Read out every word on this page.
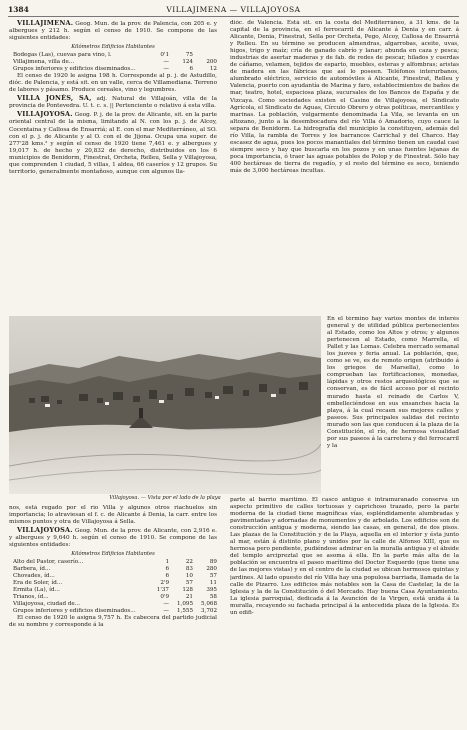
1384	VILLAJIMENA — VILLAJOYOSA

VILLAJIMENA. Geog. Mun. de la prov. de Palencia, con 205 e. y albergues y 212 h. según el censo de 1910. Se compone de las siguientes entidades:

Kilómetros Edificios Habitantes
Bodegas (Las), cuevas para vino, l.	0'1	75	
Villajimena, villa de...	—	124	200
Grupos inferiores y edificios diseminados...	—	6	12

El censo de 1920 le asigna 198 h. Corresponde al p. j. de Astudillo, dióc. de Palencia, y está sit. en un valle, cerca de Villamediana. Terreno de labores y pásamo. Produce cereales, vino y legumbres.

VILLA JONÉS, SA, adj. Natural de Villajoán, villa de la provincia de Pontevedra. U. t. c. s. || Pertenciente o relativo á esta villa.

VILLAJOYOSA. Geog. P. j. de la prov. de Alicante, sit. en la parte oriental central de la misma, limitando al N. con los p. j. de Alcoy, Cocentaina y Callosa de Ensarriá; al E. con el mar Mediterráneo, al SO. con el p. j. de Alicante y al O. con el de Jijona. Ocupa una super. de 277'28 kms.² y según el censo de 1920 tiene 7,461 e. y albergues y 19,017 h. de hecho y 20,832 de derecho, distribuidos en los 6 municipios de Benidorm, Finestrat, Orcheta, Relleu, Sella y Villajoyosa, que comprenden 1 ciudad, 5 villas, 1 aldea, 66 caseríos y 12 grupos. Su territorio, generalmente montañoso, aunque con algunos lla-

dióc. de Valencia. Está sit. en la costa del Mediterráneo, á 31 kms. de la capital de la provincia, en el ferrocarril de Alicante á Denia y en carr. á Alicante, Denia, Finestrat, Sella por Orcheta, Pego, Alcoy, Callosa de Ensarriá y Relleu. En su término se producen almendras, algarrobas, aceite, uvas, higos, trigo y maíz; cría de ganado cabrío y lanar; abunda en caza y pesca; industrias de asertar maderas y de fab. de redes de pescar, hilados y cuerdas de cáñamo, velamen, tejidos de esparto, muebles, esteras y alfombras; aristas de madera en las fábricas que así lo poseen. Teléfonos interurbanos, alumbrado eléctrico, servicio de automóviles á Alicante, Finestrat, Relleu y Valencia, puerto con ayudantía de Marina y faro, establecimientos de baños de mar, teatro, hotel, espaciosa plaza, sucursales de los Bancos de España y de Vizcaya. Como sociedades existen el Casino de Villajoyosa, el Sindicato Agrícola, el Sindicato de Aguas, Círculo Obrero y otras políticas, mercantiles y marinas. La población, vulgarmente denominada La Vila, se levanta en un altozano, junto a la desembocadura del río Villa ó Amadorio, cuyo cauce la separa de Benidorm. La hidrografía del municipio la constituyen, además del río Villa, la rambla de Torres y los barrancos Carrichal y del Charco. Hay escasez de agua, pues los pocos manantiales del término tienen un caudal casi siempre seco y hay que buscarla en los pozos y en unas fuentes lejanas de poca importancia, ó traer las aguas potables de Polop y de Finestrat. Sólo hay 400 hectáreas de tierra de regadío, y el resto del término es seco, teniendo más de 3,000 hectáreas incultas.

Villajoyosa. — Vista por el lado de la playa

En el término hay varios montes de interés general y de utilidad pública pertenecientes al Estado, como los Altos y otros; y algunos pertenecen al Estado, como Marrella, el Pallet y las Lomas. Celebra mercado semanal los jueves y feria anual. La población, que, como se ve, es de remoto origen (atribuido á los griegos de Marsella), como lo comprueban las fortificaciones, monedas, lápidas y otros restos arqueológicos que se conservan, es de fácil acceso por el recinto murado hasta el reinado de Carlos V, embelleciéndose en sus ensanches hacia la playa, á la cual recaen sus mejores calles y paseos. Sus principales salidas del recinto murado son las que conducen á la plaza de la Constitución, el río, de hermosa visualidad por sus paseos á la carretera y del ferrocarril y la

nos, está regado por el río Villa y algunos otros riachuelos sin importancia; lo atraviesan el f. c. de Alicante á Denia, la carr. entre los mismos puntos y otra de Villajoyosa á Sella.

VILLAJOYOSA. Geog. Mun. de la prov. de Alicante, con 2,916 e. y albergues y 9,640 h. según el censo de 1910. Se compone de las siguientes entidades:

Kilómetros Edificios Habitantes
Alto del Pastor, caserío...	1	22	89
Barbera, íd...	6	83	280
Chovades, íd...	6	10	57
Era de Soler, íd...	2'9	57	11
Ermita (La), íd...	1'37	128	395
Trianos, íd...	0'9	21	58
Villajoyosa, ciudad de...	—	1,095	5,068
Grupos inferiores y edificios diseminados...	—	1,555	3,702

El censo de 1920 le asigna 9,757 h. Es cabecera del partido judicial de su nombre y corresponde á la

parte al barrio marítimo. El casco antiguo é intramuranado conserva un aspecto primitivo de calles tortuosas y caprichoso trazado, pero la parte moderna de la ciudad tiene magníficas vías, espléndidamente alumbradas y pavimentadas y adornadas de monumentos y de arbolado. Los edificios son de construcción antigua y moderna, siendo las casas, en general, de dos pisos. Las plazas de la Constitución y de la Playa, aquella en el interior y ésta junto al mar, están á distinto plano y unidos por la calle de Alfonso XIII, que es hermosa pero pendiente, pudiéndose admirar en la muralla antigua y el ábside del templo arcipreztal que se asoma á ella. En la parte más alta de la población se encuentra el paseo marítimo del Doctor Esquerdo (que tiene una de las mejores vistas) y en el centro de la ciudad se ubican hermosos quintas y jardines. Al lado opuesto del río Villa hay una populosa barriada, llamada de la calle de Pizarro. Los edificios más notables son la Casa de Castelar, la de la Iglesia y la de la Constitución ó del Mercado. Hay buena Casa Ayuntamiento. La iglesia parroquial, dedicada á la Asunción de la Virgen, está unida á la muralla, recayendo su fachada principal á la antecedida plaza de la Iglesia. Es un edifi-
